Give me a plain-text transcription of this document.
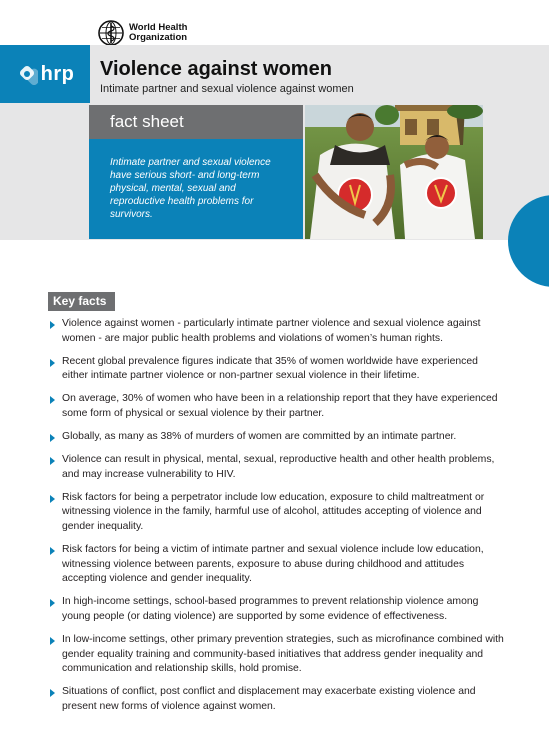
World Health
Organization
hrp Violence against women
Intimate partner and sexual violence against women
fact sheet
Intimate partner and sexual violence have serious short- and long-term physical, mental, sexual and reproductive health problems for survivors.
Key facts
Violence against women - particularly intimate partner violence and sexual violence against women - are major public health problems and violations of women’s human rights.
Recent global prevalence figures indicate that 35% of women worldwide have experienced either intimate partner violence or non-partner sexual violence in their lifetime.
On average, 30% of women who have been in a relationship report that they have experienced some form of physical or sexual violence by their partner.
Globally, as many as 38% of murders of women are committed by an intimate partner.
Violence can result in physical, mental, sexual, reproductive health and other health problems, and may increase vulnerability to HIV.
Risk factors for being a perpetrator include low education, exposure to child maltreatment or witnessing violence in the family, harmful use of alcohol, attitudes accepting of violence and gender inequality.
Risk factors for being a victim of intimate partner and sexual violence include low education, witnessing violence between parents, exposure to abuse during childhood and attitudes accepting violence and gender inequality.
In high-income settings, school-based programmes to prevent relationship violence among young people (or dating violence) are supported by some evidence of effectiveness.
In low-income settings, other primary prevention strategies, such as microfinance combined with gender equality training and community-based initiatives that address gender inequality and communication and relationship skills, hold promise.
Situations of conflict, post conflict and displacement may exacerbate existing violence and present new forms of violence against women.
